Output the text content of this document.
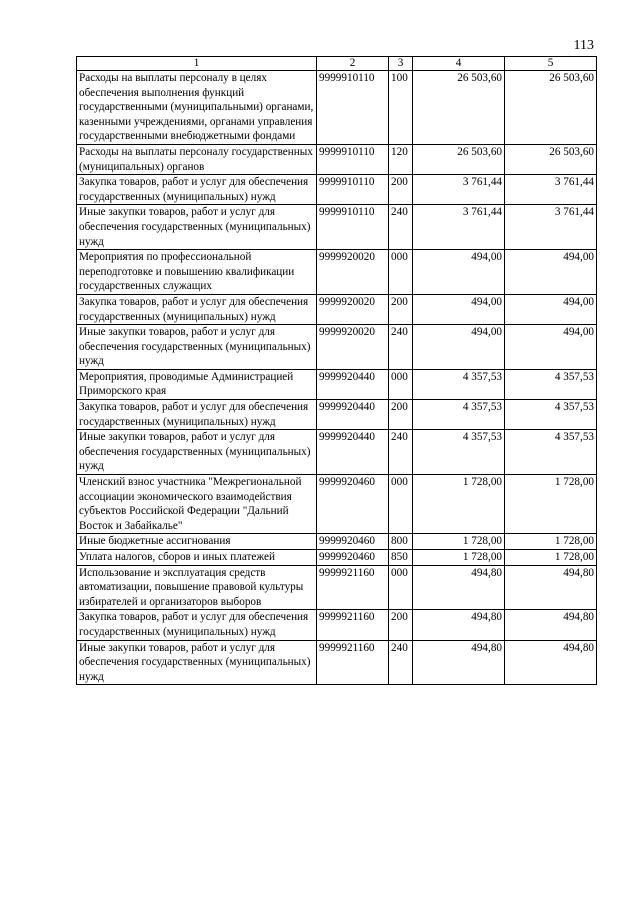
113
1	2	3	4	5
Расходы на выплаты персоналу в целях обеспечения выполнения функций государственными (муниципальными) органами, казенными учреждениями, органами управления государственными внебюджетными фондами	9999910110	100	26 503,60	26 503,60
Расходы на выплаты персоналу государственных (муниципальных) органов	9999910110	120	26 503,60	26 503,60
Закупка товаров, работ и услуг для обеспечения государственных (муниципальных) нужд	9999910110	200	3 761,44	3 761,44
Иные закупки товаров, работ и услуг для обеспечения государственных (муниципальных) нужд	9999910110	240	3 761,44	3 761,44
Мероприятия по профессиональной переподготовке и повышению квалификации государственных служащих	9999920020	000	494,00	494,00
Закупка товаров, работ и услуг для обеспечения государственных (муниципальных) нужд	9999920020	200	494,00	494,00
Иные закупки товаров, работ и услуг для обеспечения государственных (муниципальных) нужд	9999920020	240	494,00	494,00
Мероприятия, проводимые Администрацией Приморского края	9999920440	000	4 357,53	4 357,53
Закупка товаров, работ и услуг для обеспечения государственных (муниципальных) нужд	9999920440	200	4 357,53	4 357,53
Иные закупки товаров, работ и услуг для обеспечения государственных (муниципальных) нужд	9999920440	240	4 357,53	4 357,53
Членский взнос участника "Межрегиональной ассоциации экономического взаимодействия субъектов Российской Федерации "Дальний Восток и Забайкалье"	9999920460	000	1 728,00	1 728,00
Иные бюджетные ассигнования	9999920460	800	1 728,00	1 728,00
Уплата налогов, сборов и иных платежей	9999920460	850	1 728,00	1 728,00
Использование и эксплуатация средств автоматизации, повышение правовой культуры избирателей и организаторов выборов	9999921160	000	494,80	494,80
Закупка товаров, работ и услуг для обеспечения государственных (муниципальных) нужд	9999921160	200	494,80	494,80
Иные закупки товаров, работ и услуг для обеспечения государственных (муниципальных) нужд	9999921160	240	494,80	494,80
